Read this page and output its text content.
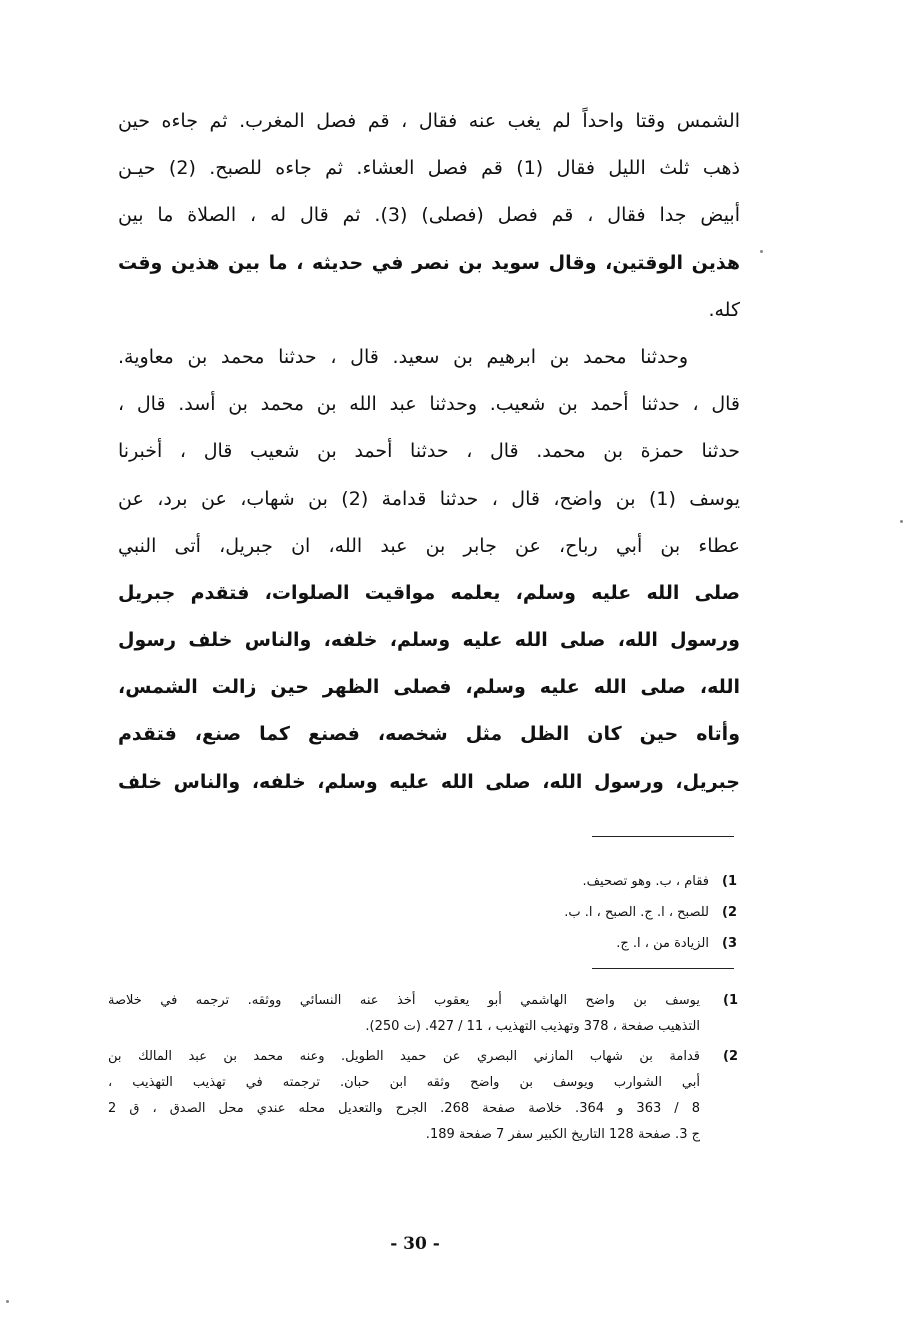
الشمس وقتا واحداً لم يغب عنه فقال ، قم فصل المغرب. ثم جاءه حين
ذهب ثلث الليل فقال (1) قم فصل العشاء. ثم جاءه للصبح. (2) حيـن
أبيض جدا فقال ، قم فصل (فصلى) (3). ثم قال له ، الصلاة ما بين
هذين الوقتين، وقال سويد بن نصر في حديثه ، ما بين هذين وقت
كله.
وحدثنا محمد بن ابرهيم بن سعيد. قال ، حدثنا محمد بن معاوية.
قال ، حدثنا أحمد بن شعيب. وحدثنا عبد الله بن محمد بن أسد. قال ،
حدثنا حمزة بن محمد. قال ، حدثنا أحمد بن شعيب قال ، أخبرنا
يوسف (1) بن واضح، قال ، حدثنا قدامة (2) بن شهاب، عن برد، عن
عطاء بن أبي رباح، عن جابر بن عبد الله، ان جبريل، أتى النبي
صلى الله عليه وسلم، يعلمه مواقيت الصلوات، فتقدم جبريل
ورسول الله، صلى الله عليه وسلم، خلفه، والناس خلف رسول
الله، صلى الله عليه وسلم، فصلى الظهر حين زالت الشمس،
وأتاه حين كان الظل مثل شخصه، فصنع كما صنع، فتقدم
جبريل، ورسول الله، صلى الله عليه وسلم، خلفه، والناس خلف
(1
فقام ، ب. وهو تصحيف.
(2
للصبح ، ا. ج. الصبح ، ا. ب.
(3
الزيادة من ، ا. ج.
(1
يوسف بن واضح الهاشمي أبو يعقوب أخذ عنه النسائي ووثقه. ترجمه في خلاصة
التذهيب صفحة ، 378 وتهذيب التهذيب ، 11 / 427. (ت 250).
(2
قدامة بن شهاب المازني البصري عن حميد الطويل. وعنه محمد بن عبد المالك بن
أبي الشوارب ويوسف بن واضح وثقه ابن حبان. ترجمته في تهذيب التهذيب ،
8 / 363 و 364. خلاصة صفحة 268. الجرح والتعديل محله عندي محل الصدق ، ق 2
ج 3. صفحة 128 التاريخ الكبير سفر 7 صفحة 189.
- 30 -
